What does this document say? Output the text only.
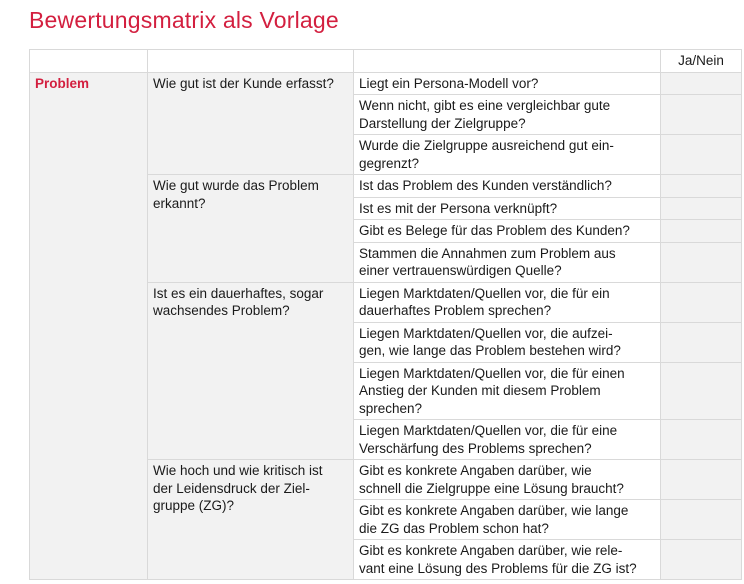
Bewertungsmatrix als Vorlage
			Ja/Nein
Problem	Wie gut ist der Kunde erfasst?	Liegt ein Persona-Modell vor?	
		Wenn nicht, gibt es eine vergleichbar gute
Darstellung der Zielgruppe?	
		Wurde die Zielgruppe ausreichend gut ein-
gegrenzt?	
	Wie gut wurde das Problem
erkannt?	Ist das Problem des Kunden verständlich?	
		Ist es mit der Persona verknüpft?	
		Gibt es Belege für das Problem des Kunden?	
		Stammen die Annahmen zum Problem aus
einer vertrauenswürdigen Quelle?	
	Ist es ein dauerhaftes, sogar
wachsendes Problem?	Liegen Marktdaten/Quellen vor, die für ein
dauerhaftes Problem sprechen?	
		Liegen Marktdaten/Quellen vor, die aufzei-
gen, wie lange das Problem bestehen wird?	
		Liegen Marktdaten/Quellen vor, die für einen
Anstieg der Kunden mit diesem Problem
sprechen?	
		Liegen Marktdaten/Quellen vor, die für eine
Verschärfung des Problems sprechen?	
	Wie hoch und wie kritisch ist
der Leidensdruck der Ziel-
gruppe (ZG)?	Gibt es konkrete Angaben darüber, wie
schnell die Zielgruppe eine Lösung braucht?	
		Gibt es konkrete Angaben darüber, wie lange
die ZG das Problem schon hat?	
		Gibt es konkrete Angaben darüber, wie rele-
vant eine Lösung des Problems für die ZG ist?	
